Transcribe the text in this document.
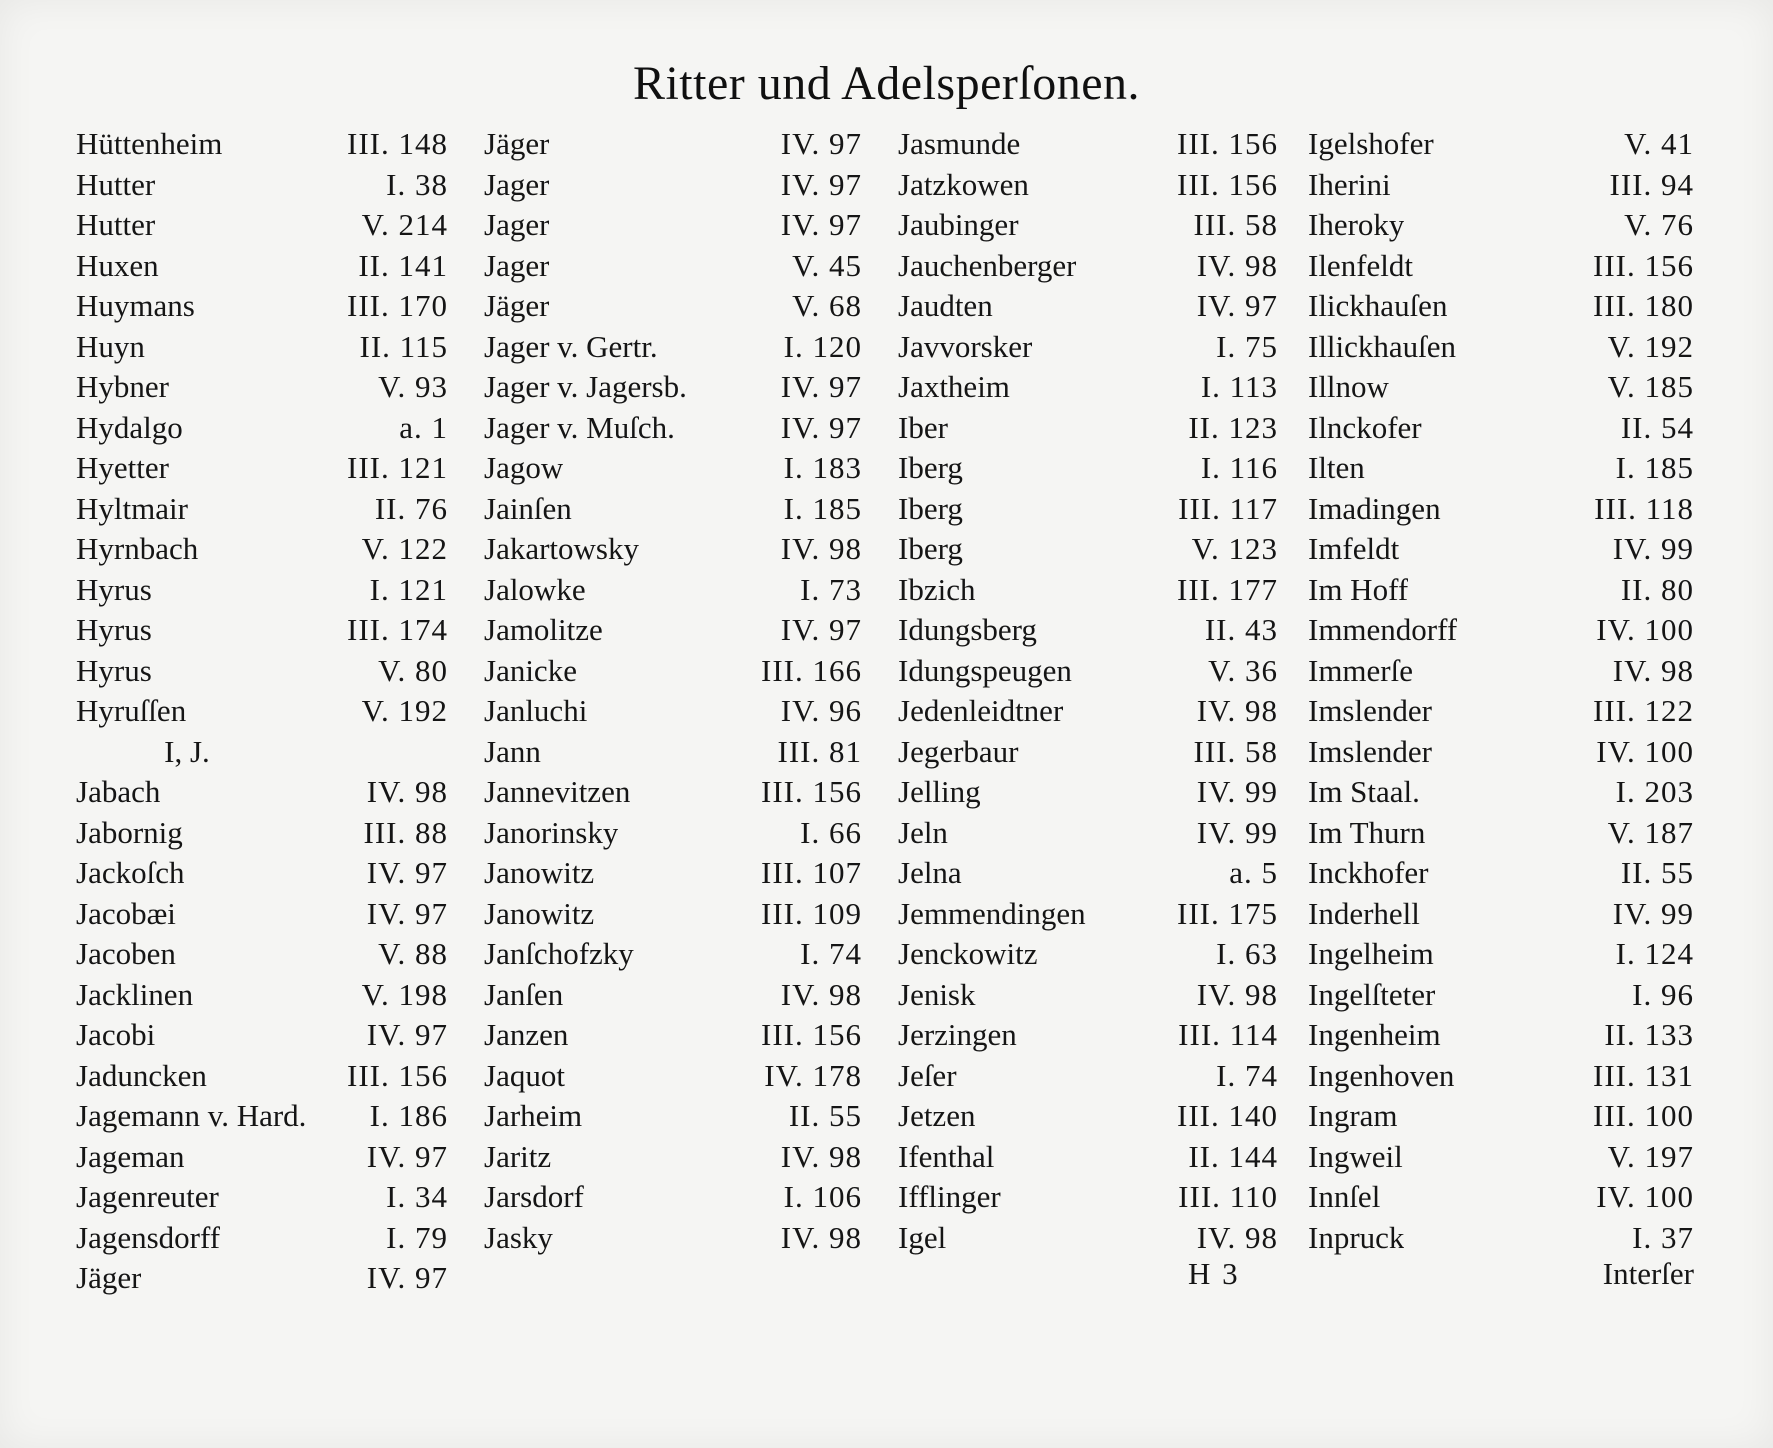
Ritter und Adelsperſonen.
Hüttenheim	III. 148
Hutter	I. 38
Hutter	V. 214
Huxen	II. 141
Huymans	III. 170
Huyn	II. 115
Hybner	V. 93
Hydalgo	a. 1
Hyetter	III. 121
Hyltmair	II. 76
Hyrnbach	V. 122
Hyrus	I. 121
Hyrus	III. 174
Hyrus	V. 80
Hyruſſen	V. 192
I, J.
Jabach	IV. 98
Jabornig	III. 88
Jackoſch	IV. 97
Jacobæi	IV. 97
Jacoben	V. 88
Jacklinen	V. 198
Jacobi	IV. 97
Jaduncken	III. 156
Jagemann v. Hard. I. 186
Jageman	IV. 97
Jagenreuter	I. 34
Jagensdorff	I. 79
Jäger	IV. 97
Jäger	IV. 97
Jager	IV. 97
Jager	IV. 97
Jager	V. 45
Jäger	V. 68
Jager v. Gertr.	I. 120
Jager v. Jagersb.	IV. 97
Jager v. Muſch.	IV. 97
Jagow	I. 183
Jainſen	I. 185
Jakartowsky	IV. 98
Jalowke	I. 73
Jamolitze	IV. 97
Janicke	III. 166
Janluchi	IV. 96
Jann	III. 81
Jannevitzen	III. 156
Janorinsky	I. 66
Janowitz	III. 107
Janowitz	III. 109
Janſchofzky	I. 74
Janſen	IV. 98
Janzen	III. 156
Jaquot	IV. 178
Jarheim	II. 55
Jaritz	IV. 98
Jarsdorf	I. 106
Jasky	IV. 98
Jasmunde	III. 156
Jatzkowen	III. 156
Jaubinger	III. 58
Jauchenberger	IV. 98
Jaudten	IV. 97
Javvorsker	I. 75
Jaxtheim	I. 113
Iber	II. 123
Iberg	I. 116
Iberg	III. 117
Iberg	V. 123
Ibzich	III. 177
Idungsberg	II. 43
Idungspeugen	V. 36
Jedenleidtner	IV. 98
Jegerbaur	III. 58
Jelling	IV. 99
Jeln	IV. 99
Jelna	a. 5
Jemmendingen	III. 175
Jenckowitz	I. 63
Jenisk	IV. 98
Jerzingen	III. 114
Jeſer	I. 74
Jetzen	III. 140
Ifenthal	II. 144
Ifflinger	III. 110
Igel	IV. 98
Igelshofer	V. 41
Iherini	III. 94
Iheroky	V. 76
Ilenfeldt	III. 156
Ilickhauſen	III. 180
Illickhauſen	V. 192
Illnow	V. 185
Ilnckofer	II. 54
Ilten	I. 185
Imadingen	III. 118
Imfeldt	IV. 99
Im Hoff	II. 80
Immendorff	IV. 100
Immerſe	IV. 98
Imslender	III. 122
Imslender	IV. 100
Im Staal.	I. 203
Im Thurn	V. 187
Inckhofer	II. 55
Inderhell	IV. 99
Ingelheim	I. 124
Ingelſteter	I. 96
Ingenheim	II. 133
Ingenhoven	III. 131
Ingram	III. 100
Ingweil	V. 197
Innſel	IV. 100
Inpruck	I. 37
H 3	Interſer
